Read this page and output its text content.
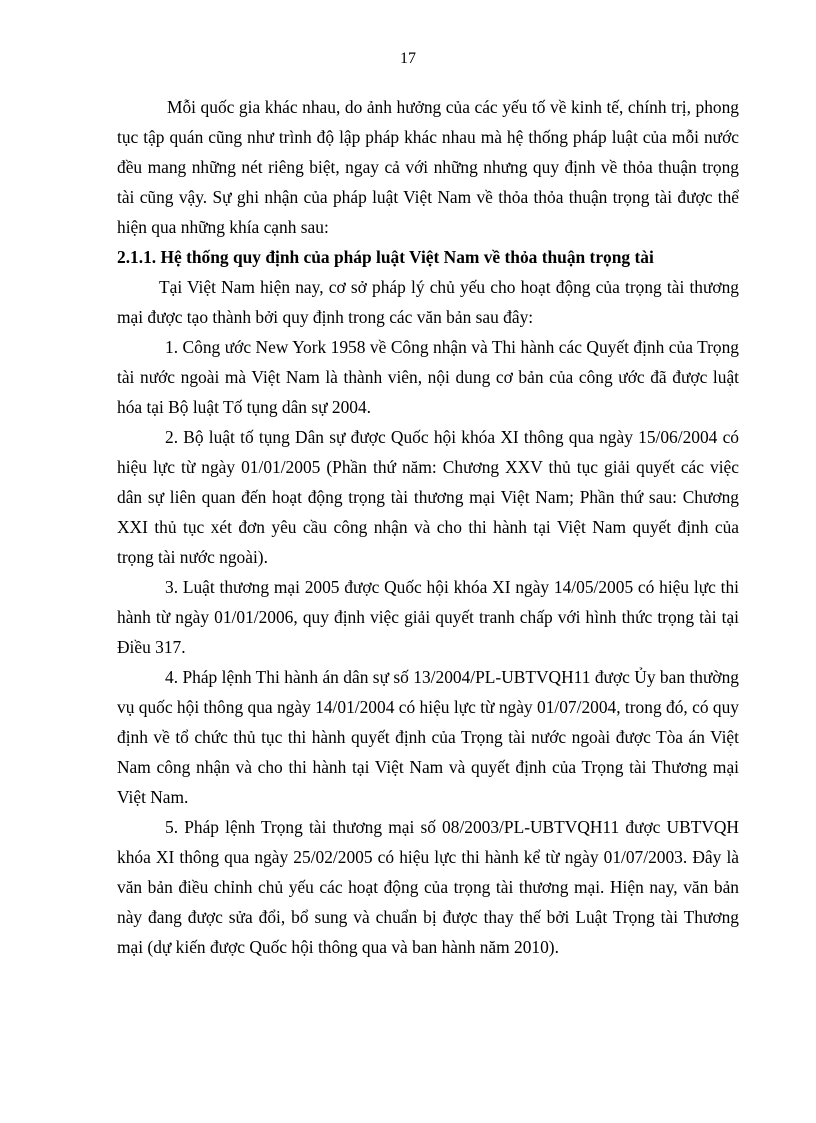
17

Mỗi quốc gia khác nhau, do ảnh hưởng của các yếu tố về kinh tế, chính trị, phong tục tập quán cũng như trình độ lập pháp khác nhau mà hệ thống pháp luật của mỗi nước đều mang những nét riêng biệt, ngay cả với những nhưng quy định về thỏa thuận trọng tài cũng vậy. Sự ghi nhận của pháp luật Việt Nam về thỏa thỏa thuận trọng tài được thể hiện qua những khía cạnh sau:

2.1.1. Hệ thống quy định của pháp luật Việt Nam về thỏa thuận trọng tài

Tại Việt Nam hiện nay, cơ sở pháp lý chủ yếu cho hoạt động của trọng tài thương mại được tạo thành bởi quy định trong các văn bản sau đây:

1. Công ước New York 1958 về Công nhận và Thi hành các Quyết định của Trọng tài nước ngoài mà Việt Nam là thành viên, nội dung cơ bản của công ước đã được luật hóa tại Bộ luật Tố tụng dân sự 2004.

2. Bộ luật tố tụng Dân sự được Quốc hội khóa XI thông qua ngày 15/06/2004 có hiệu lực từ ngày 01/01/2005 (Phần thứ năm: Chương XXV thủ tục giải quyết các việc dân sự liên quan đến hoạt động trọng tài thương mại Việt Nam; Phần thứ sau: Chương XXI thủ tục xét đơn yêu cầu công nhận và cho thi hành tại Việt Nam quyết định của trọng tài nước ngoài).

3. Luật thương mại 2005 được Quốc hội khóa XI ngày 14/05/2005 có hiệu lực thi hành từ ngày 01/01/2006, quy định việc giải quyết tranh chấp với hình thức trọng tài tại Điều 317.

4. Pháp lệnh Thi hành án dân sự số 13/2004/PL-UBTVQH11 được Ủy ban thường vụ quốc hội thông qua ngày 14/01/2004 có hiệu lực từ ngày 01/07/2004, trong đó, có quy định về tổ chức thủ tục thi hành quyết định của Trọng tài nước ngoài được Tòa án Việt Nam công nhận và cho thi hành tại Việt Nam và quyết định của Trọng tài Thương mại Việt Nam.

5. Pháp lệnh Trọng tài thương mại số 08/2003/PL-UBTVQH11 được UBTVQH khóa XI thông qua ngày 25/02/2005 có hiệu lực thi hành kể từ ngày 01/07/2003. Đây là văn bản điều chỉnh chủ yếu các hoạt động của trọng tài thương mại. Hiện nay, văn bản này đang được sửa đổi, bổ sung và chuẩn bị được thay thế bởi Luật Trọng tài Thương mại (dự kiến được Quốc hội thông qua và ban hành năm 2010).
